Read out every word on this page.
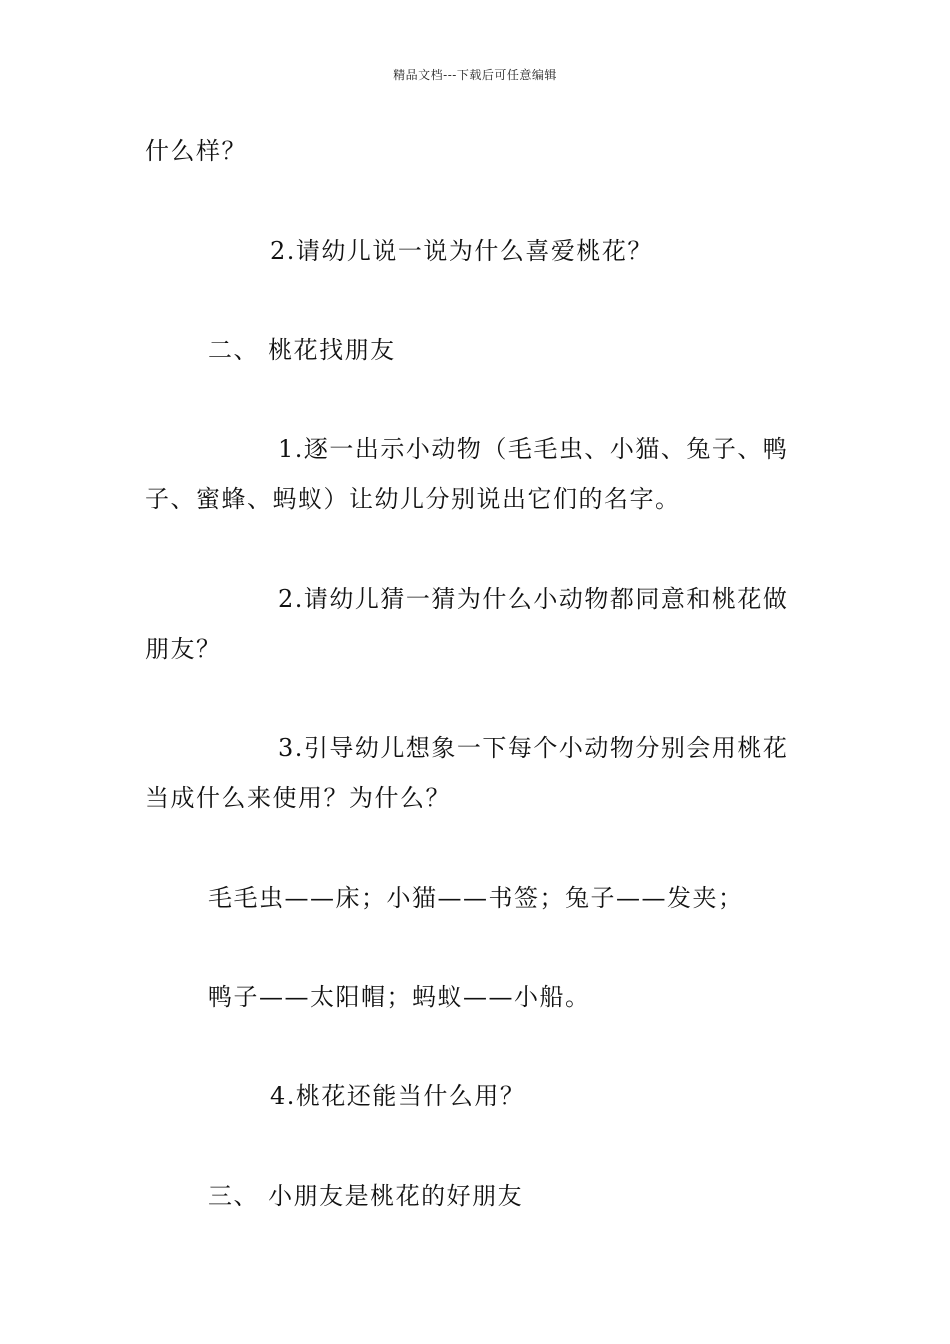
精品文档---下载后可任意编辑
什么样？
2.请幼儿说一说为什么喜爱桃花？
二、 桃花找朋友
1.逐一出示小动物（毛毛虫、小猫、兔子、鸭
子、蜜蜂、蚂蚁）让幼儿分别说出它们的名字。
2.请幼儿猜一猜为什么小动物都同意和桃花做
朋友？
3.引导幼儿想象一下每个小动物分别会用桃花
当成什么来使用？为什么？
毛毛虫——床；小猫——书签；兔子——发夹；
鸭子——太阳帽；蚂蚁——小船。
4.桃花还能当什么用？
三、 小朋友是桃花的好朋友
